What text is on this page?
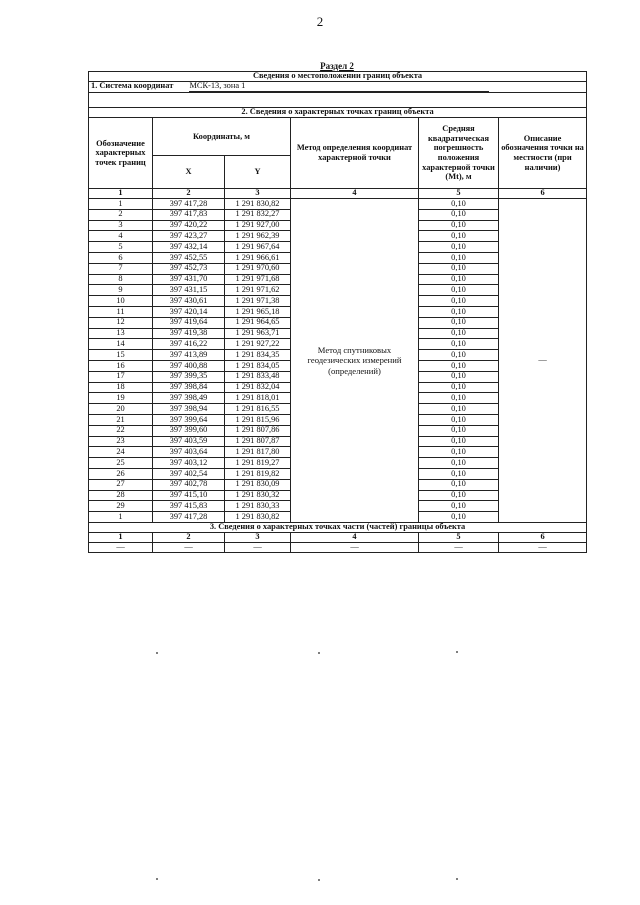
2
Раздел 2
Сведения о местоположении границ объекта					
1. Система координат МСК-13, зона 1					

2. Сведения о характерных точках границ объекта					
Обозначение характерных точек границ	Координаты, м		Метод определения координат характерной точки	Средняя квадратическая погрешность положения характерной точки (Mt), м	Описание обозначения точки на местности (при наличии)
	X	Y			
1	2	3	4	5	6
1	397 417,28	1 291 830,82	Метод спутниковых геодезических измерений (определений)	0,10	—
2	397 417,83	1 291 832,27		0,10	
3	397 420,22	1 291 927,00		0,10	
4	397 423,27	1 291 962,39		0,10	
5	397 432,14	1 291 967,64		0,10	
6	397 452,55	1 291 966,61		0,10	
7	397 452,73	1 291 970,60		0,10	
8	397 431,70	1 291 971,68		0,10	
9	397 431,15	1 291 971,62		0,10	
10	397 430,61	1 291 971,38		0,10	
11	397 420,14	1 291 965,18		0,10	
12	397 419,64	1 291 964,65		0,10	
13	397 419,38	1 291 963,71		0,10	
14	397 416,22	1 291 927,22		0,10	
15	397 413,89	1 291 834,35		0,10	
16	397 400,88	1 291 834,05		0,10	
17	397 399,35	1 291 833,48		0,10	
18	397 398,84	1 291 832,04		0,10	
19	397 398,49	1 291 818,01		0,10	
20	397 398,94	1 291 816,55		0,10	
21	397 399,64	1 291 815,96		0,10	
22	397 399,60	1 291 807,86		0,10	
23	397 403,59	1 291 807,87		0,10	
24	397 403,64	1 291 817,80		0,10	
25	397 403,12	1 291 819,27		0,10	
26	397 402,54	1 291 819,82		0,10	
27	397 402,78	1 291 830,09		0,10	
28	397 415,10	1 291 830,32		0,10	
29	397 415,83	1 291 830,33		0,10	
1	397 417,28	1 291 830,82		0,10	
3. Сведения о характерных точках части (частей) границы объекта					
1	2	3	4	5	6
—	—	—	—	—	—
